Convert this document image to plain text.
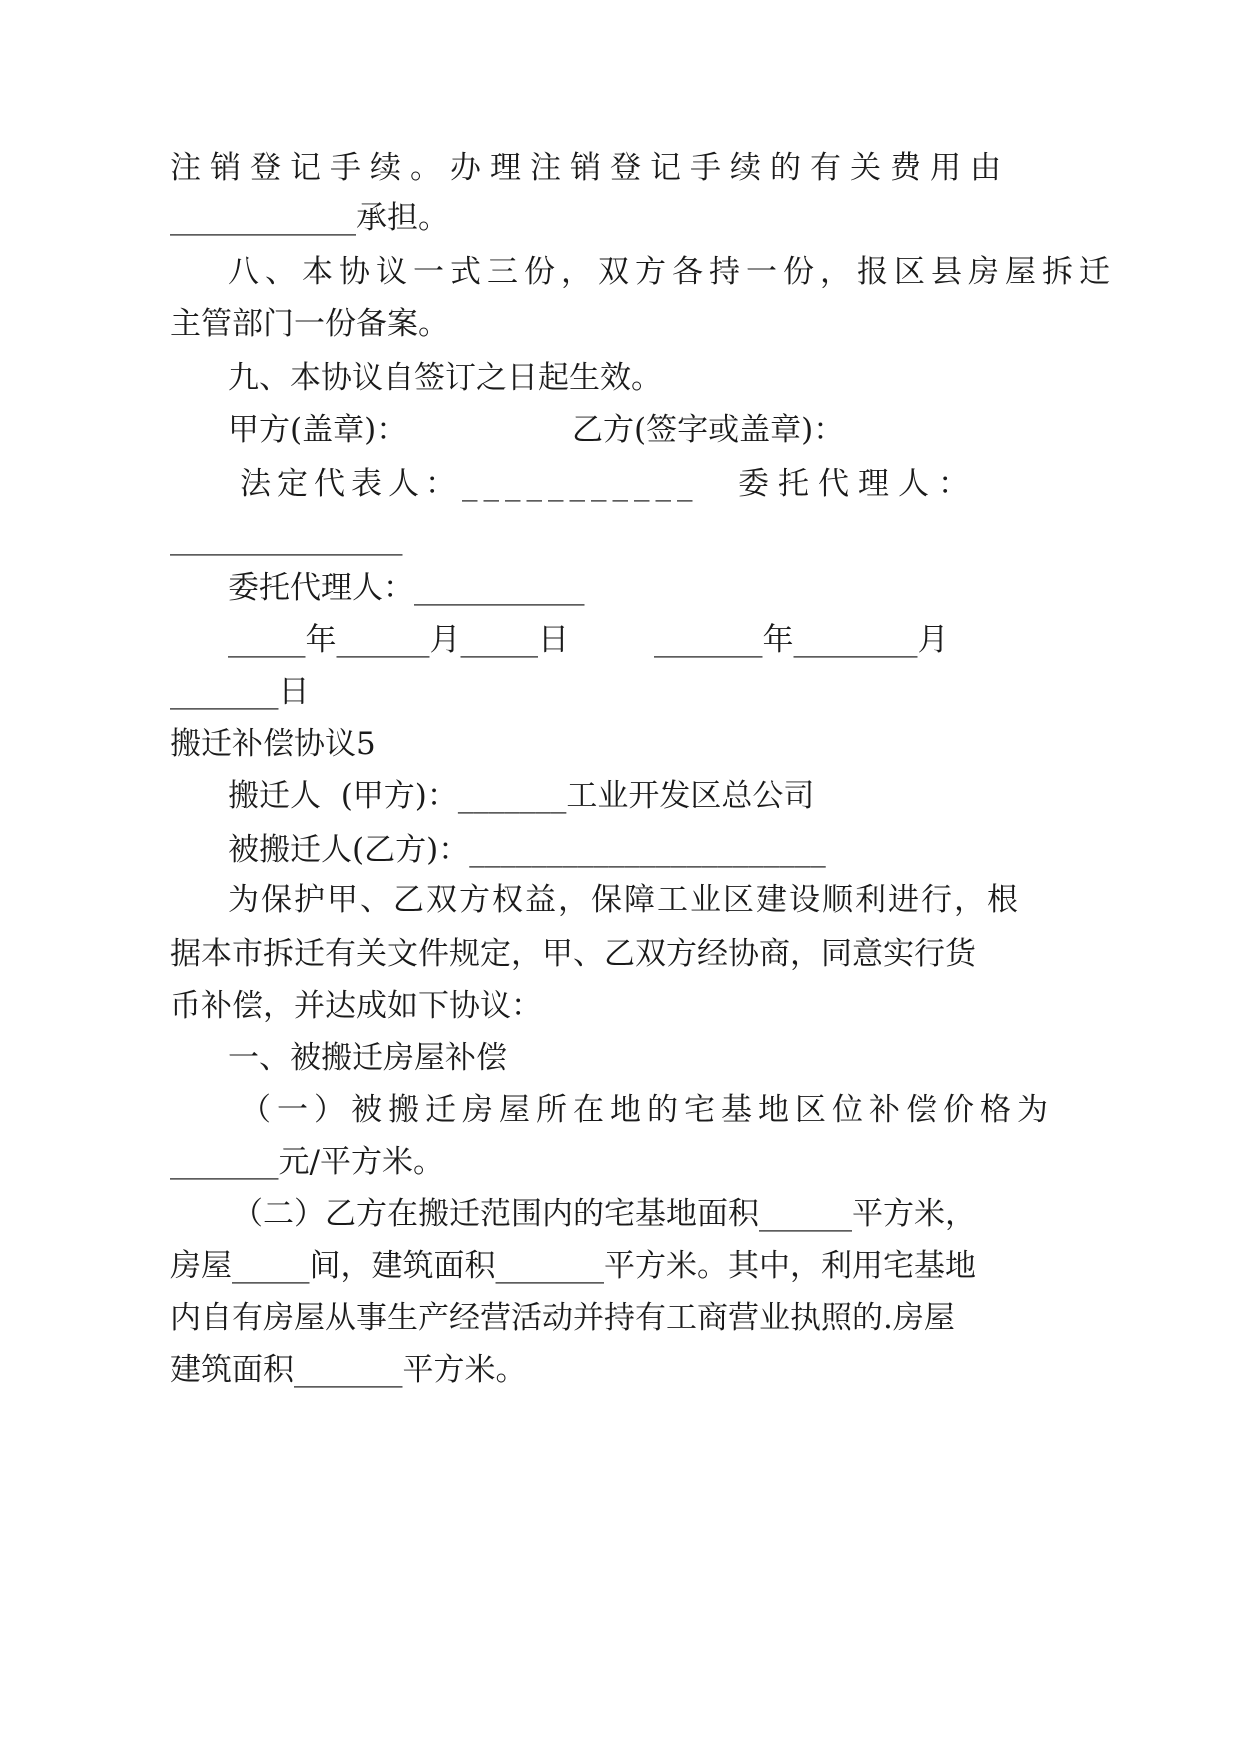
注销登记手续。办理注销登记手续的有关费用由
____________承担。
八、本协议一式三份，双方各持一份，报区县房屋拆迁
主管部门一份备案。
九、本协议自签订之日起生效。
甲方(盖章)：	乙方(签字或盖章)：
法定代表人：___________ 委托代理人：
_______________
委托代理人：___________
_____年______月_____日	_______年________月
_______日
搬迁补偿协议5
搬迁人  (甲方)：_______工业开发区总公司
被搬迁人(乙方)：_______________________
为保护甲、乙双方权益，保障工业区建设顺利进行，根
据本市拆迁有关文件规定，甲、乙双方经协商，同意实行货
币补偿，并达成如下协议：
一、被搬迁房屋补偿
（一）被搬迁房屋所在地的宅基地区位补偿价格为
_______元/平方米。
（二）乙方在搬迁范围内的宅基地面积______平方米，
房屋_____间，建筑面积_______平方米。其中，利用宅基地
内自有房屋从事生产经营活动并持有工商营业执照的.房屋
建筑面积_______平方米。
